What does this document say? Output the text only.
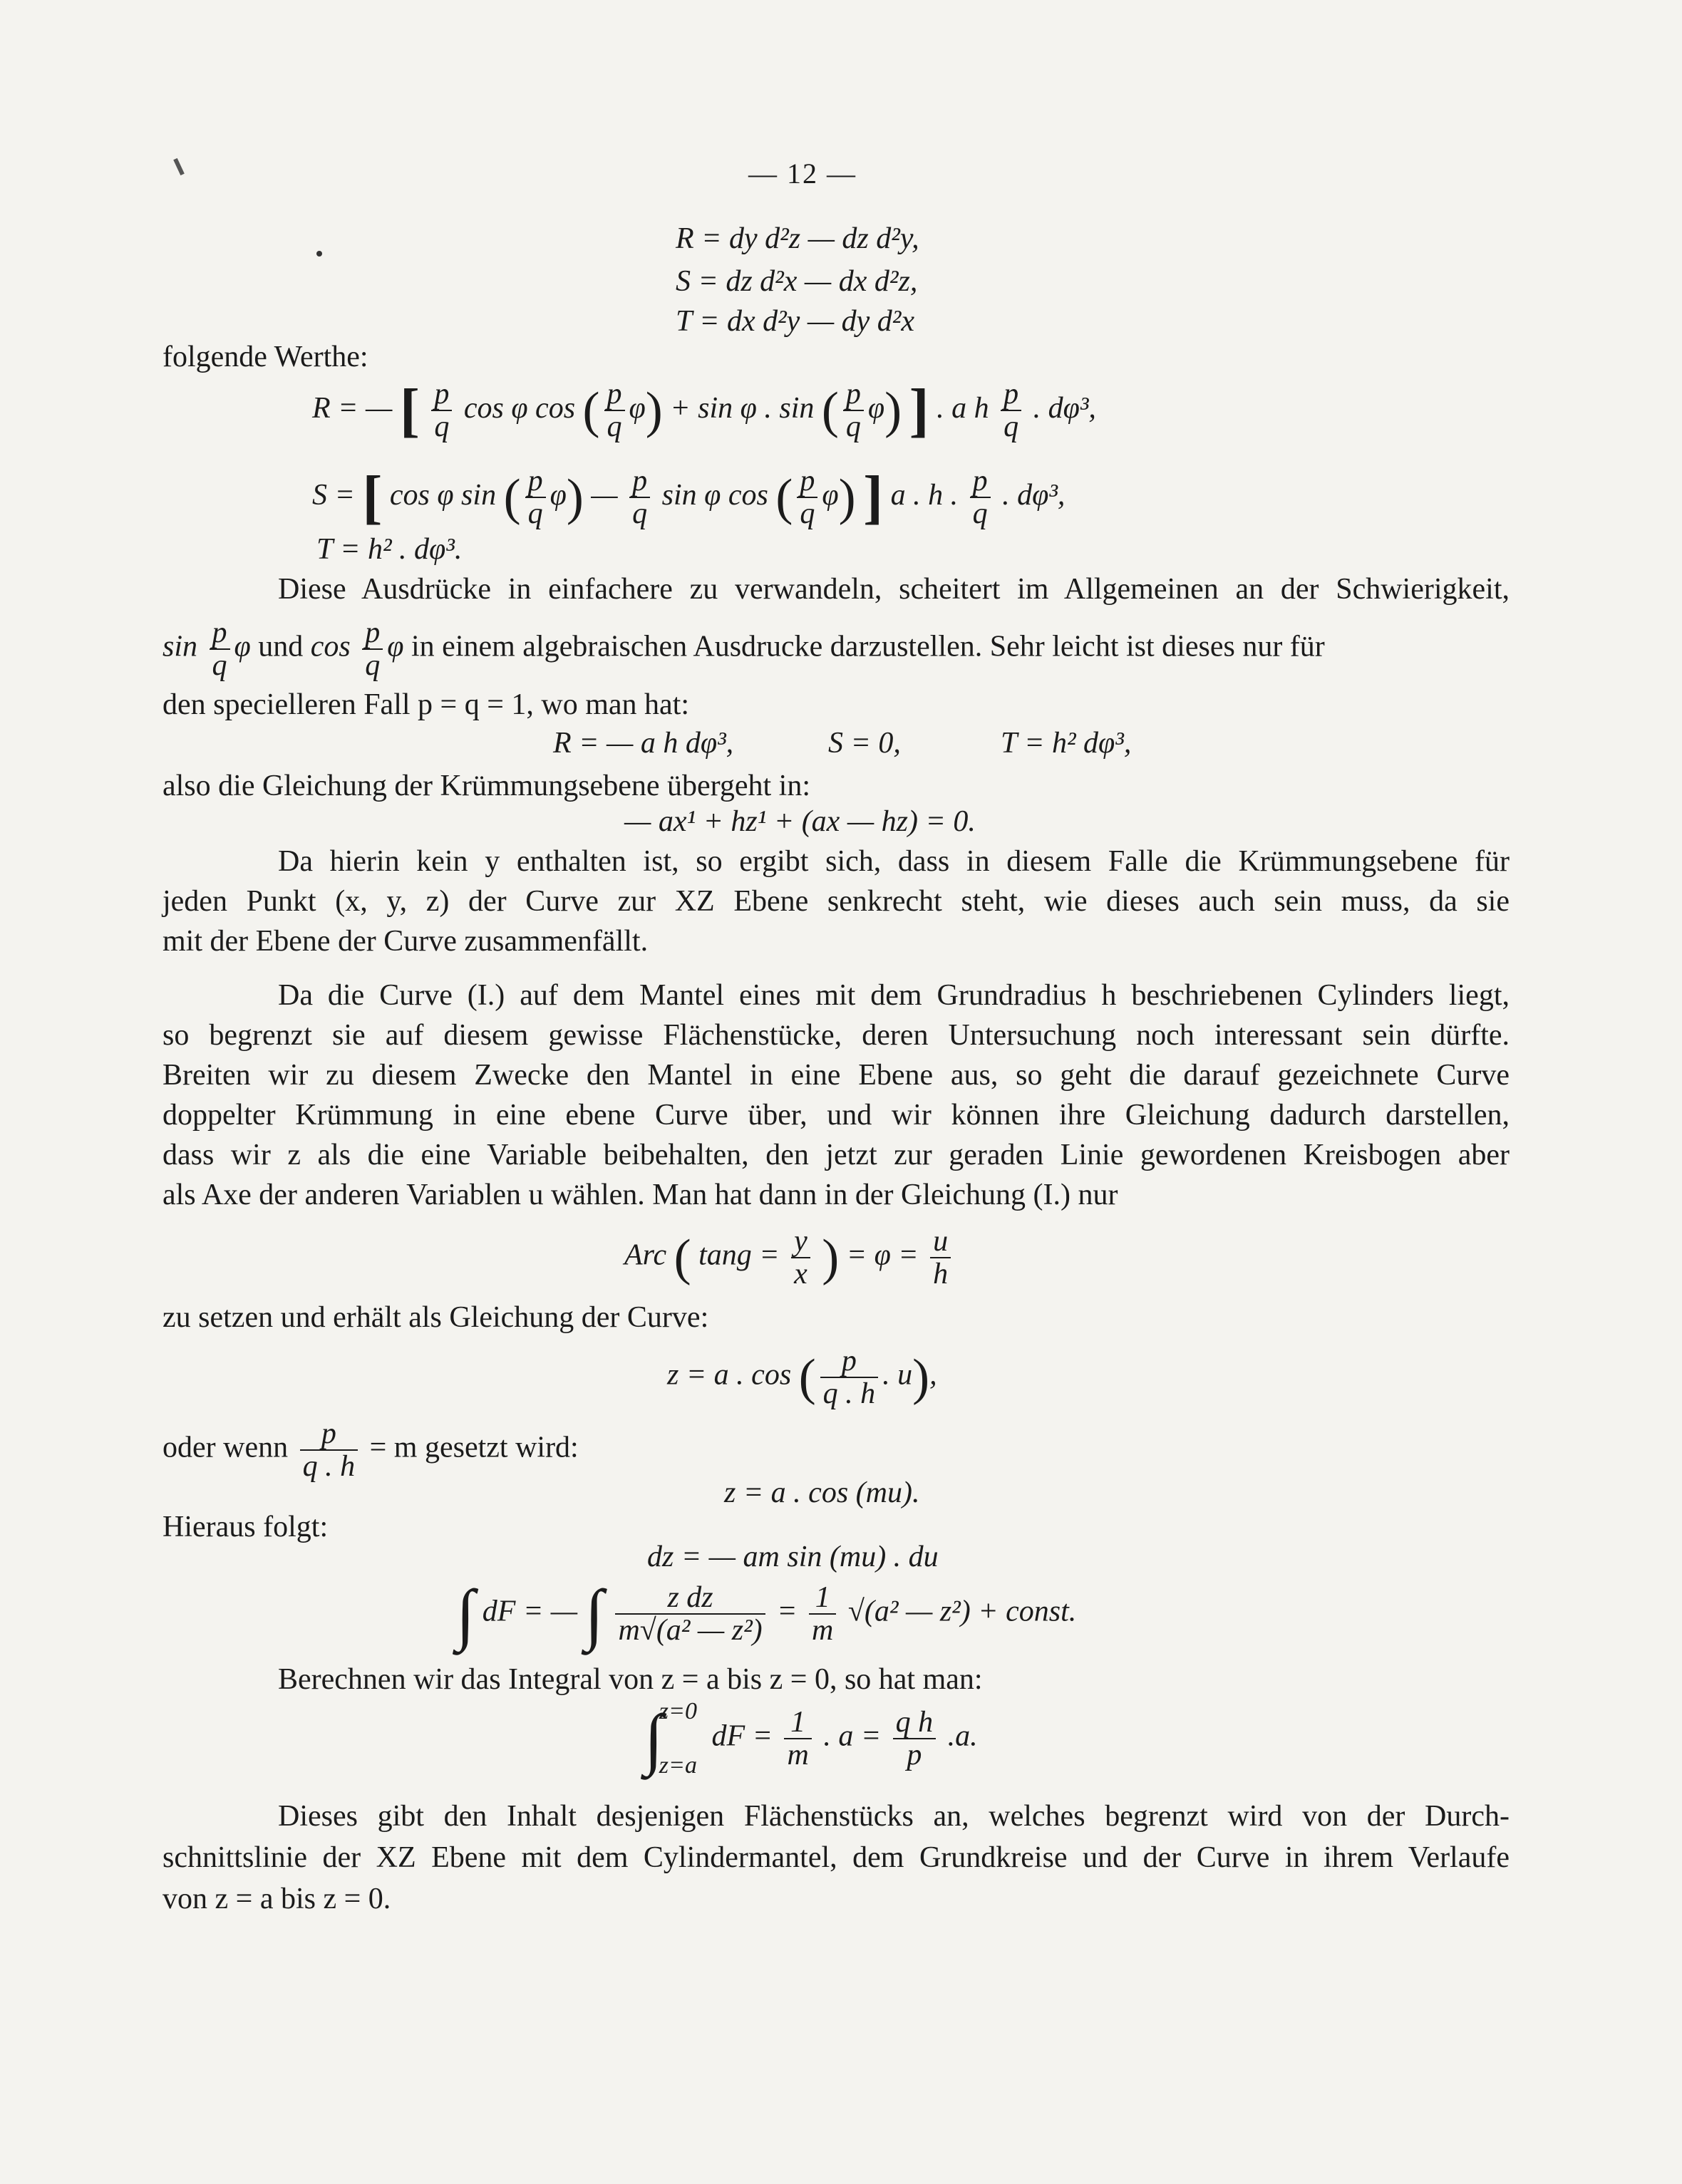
— 12 —
R = dy d²z — dz d²y,
S = dz d²x — dx d²z,
T = dx d²y — dy d²x
folgende Werthe:
R = — [ $\frac{p}{q}$ cos φ cos ( $\frac{p}{q} \varphi) + \sin \varphi$ . sin ( $\frac{p}{q} \varphi$) ] . a h $\frac{p}{q}$ . dφ³,
S = [ cos φ sin ( $\frac{p}{q} \varphi$) — $\frac{p}{q}$ sin φ cos ( $\frac{p}{q} \varphi$) ] a . h . $\frac{p}{q}$ . dφ³,
T = h² . dφ³.
Diese Ausdrücke in einfachere zu verwandeln, scheitert im Allgemeinen an der Schwierigkeit,
$\sin \frac{p}{q}$ φ und $\cos \frac{p}{q}$ φ in einem algebraischen Ausdrucke darzustellen. Sehr leicht ist dieses nur für
den specielleren Fall p = q = 1, wo man hat:
R = — a h dφ³,	S = 0,	T = h² dφ³,
also die Gleichung der Krümmungsebene übergeht in:
— ax¹ + hz¹ + (ax — hz) = 0.
Da hierin kein y enthalten ist, so ergibt sich, dass in diesem Falle die Krümmungsebene für
jeden Punkt (x, y, z) der Curve zur XZ Ebene senkrecht steht, wie dieses auch sein muss, da sie
mit der Ebene der Curve zusammenfällt.
Da die Curve (I.) auf dem Mantel eines mit dem Grundradius h beschriebenen Cylinders liegt,
so begrenzt sie auf diesem gewisse Flächenstücke, deren Untersuchung noch interessant sein dürfte.
Breiten wir zu diesem Zwecke den Mantel in eine Ebene aus, so geht die darauf gezeichnete Curve
doppelter Krümmung in eine ebene Curve über, und wir können ihre Gleichung dadurch darstellen,
dass wir z als die eine Variable beibehalten, den jetzt zur geraden Linie gewordenen Kreisbogen aber
als Axe der anderen Variablen u wählen. Man hat dann in der Gleichung (I.) nur
Arc ( $\tan g = \frac{y}{x}$ ) = $\varphi = \frac{u}{h}$
zu setzen und erhält als Gleichung der Curve:
z = a . cos ( $\frac{p}{q . h}$ . u),
oder wenn $\frac{p}{q . h} = m$ gesetzt wird:
z = a . cos (mu).
Hieraus folgt:
dz = — am sin (mu) . du
∫ dF = — ∫ $\frac{\text{z dz}}{\text{m√(a² — z²)}} = \frac{1}{m} √(a^2$ — z²) + const.
Berechnen wir das Integral von z = a bis z = 0, so hat man:
∫
z=0
z=a
dF = $\frac{1}{m}$ . $a = \frac{\text{q h}}{p} .a$.
Dieses gibt den Inhalt desjenigen Flächenstücks an, welches begrenzt wird von der Durch-
schnittslinie der XZ Ebene mit dem Cylindermantel, dem Grundkreise und der Curve in ihrem Verlaufe
von z = a bis z = 0.
